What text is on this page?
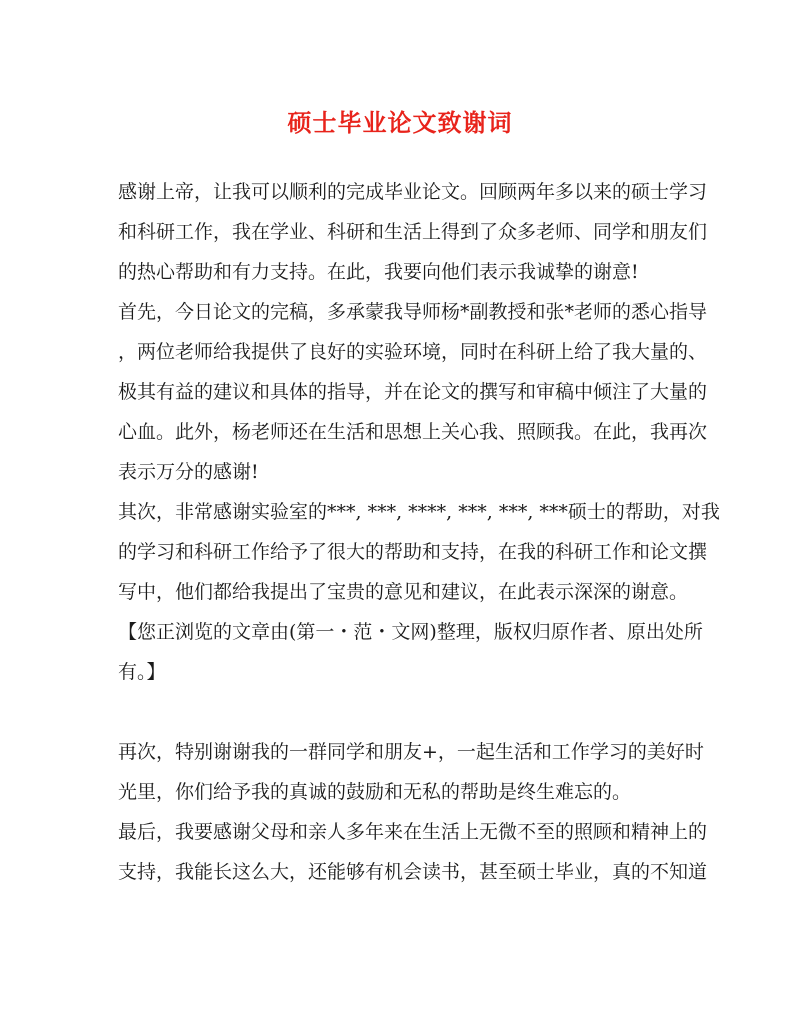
硕士毕业论文致谢词
感谢上帝，让我可以顺利的完成毕业论文。回顾两年多以来的硕士学习
和科研工作，我在学业、科研和生活上得到了众多老师、同学和朋友们
的热心帮助和有力支持。在此，我要向他们表示我诚挚的谢意!
首先，今日论文的完稿，多承蒙我导师杨*副教授和张*老师的悉心指导
，两位老师给我提供了良好的实验环境，同时在科研上给了我大量的、
极其有益的建议和具体的指导，并在论文的撰写和审稿中倾注了大量的
心血。此外，杨老师还在生活和思想上关心我、照顾我。在此，我再次
表示万分的感谢!
其次，非常感谢实验室的***, ***, ****, ***, ***, ***硕士的帮助，对我
的学习和科研工作给予了很大的帮助和支持，在我的科研工作和论文撰
写中，他们都给我提出了宝贵的意见和建议，在此表示深深的谢意。
【您正浏览的文章由(第一・范・文网)整理，版权归原作者、原出处所
有。】
再次，特别谢谢我的一群同学和朋友+，一起生活和工作学习的美好时
光里，你们给予我的真诚的鼓励和无私的帮助是终生难忘的。
最后，我要感谢父母和亲人多年来在生活上无微不至的照顾和精神上的
支持，我能长这么大，还能够有机会读书，甚至硕士毕业，真的不知道
